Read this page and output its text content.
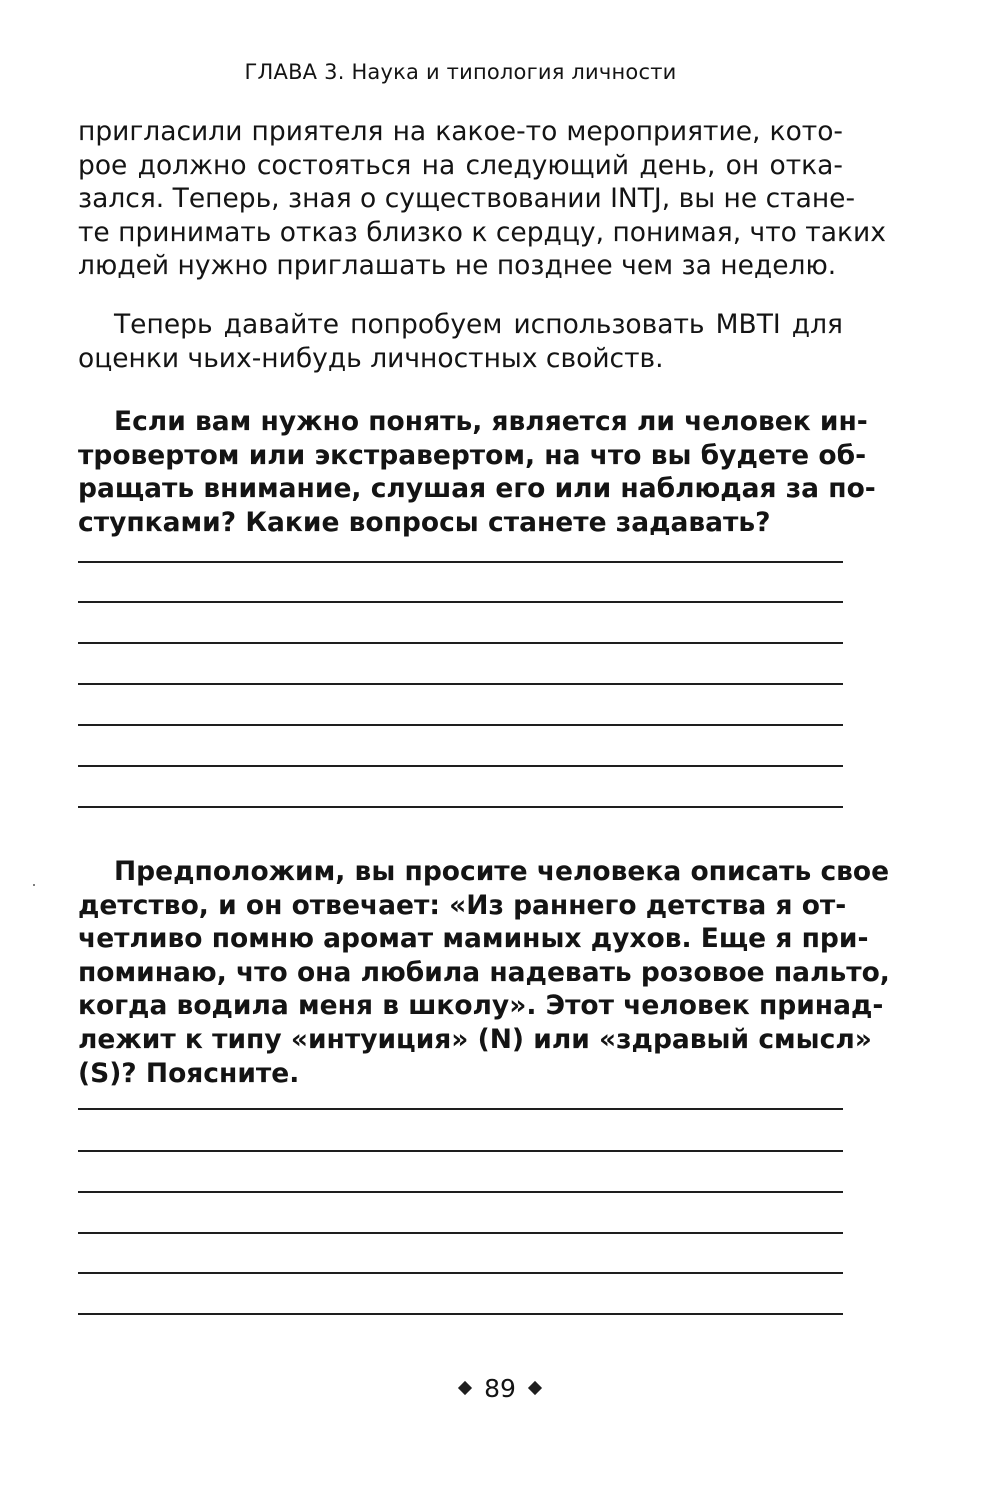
ГЛАВА 3. Наука и типология личности

пригласили приятеля на какое-то мероприятие, кото-
рое должно состояться на следующий день, он отка-
зался. Теперь, зная о существовании INTJ, вы не стане-
те принимать отказ близко к сердцу, понимая, что таких
людей нужно приглашать не позднее чем за неделю.

Теперь давайте попробуем использовать MBTI для
оценки чьих-нибудь личностных свойств.

Если вам нужно понять, является ли человек ин-
тровертом или экстравертом, на что вы будете об-
ращать внимание, слушая его или наблюдая за по-
ступками? Какие вопросы станете задавать?

Предположим, вы просите человека описать свое
детство, и он отвечает: «Из раннего детства я от-
четливо помню аромат маминых духов. Еще я при-
поминаю, что она любила надевать розовое пальто,
когда водила меня в школу». Этот человек принад-
лежит к типу «интуиция» (N) или «здравый смысл»
(S)? Поясните.

89
